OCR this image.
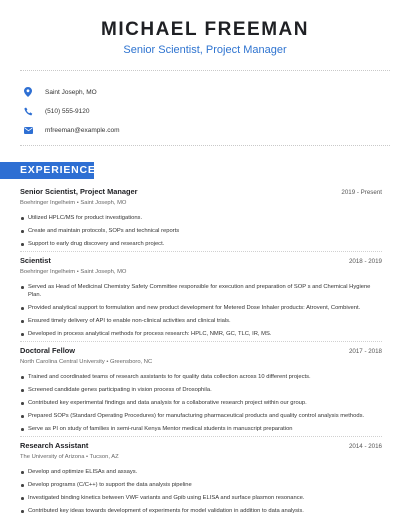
MICHAEL FREEMAN
Senior Scientist, Project Manager
Saint Joseph, MO
(510) 555-9120
mfreeman@example.com
EXPERIENCE
Senior Scientist, Project Manager	2019 - Present
Boehringer Ingelheim • Saint Joseph, MO
Utilized HPLC/MS for product investigations.
Create and maintain protocols, SOPs and technical reports
Support to early drug discovery and research project.
Scientist	2018 - 2019
Boehringer Ingelheim • Saint Joseph, MO
Served as Head of Medicinal Chemistry Safety Committee responsible for execution and preparation of SOP s and Chemical Hygiene Plan.
Provided analytical support to formulation and new product development for Metered Dose Inhaler products: Atrovent, Combivent.
Ensured timely delivery of API to enable non-clinical activities and clinical trials.
Developed in process analytical methods for process research: HPLC, NMR, GC, TLC, IR, MS.
Doctoral Fellow	2017 - 2018
North Carolina Central University • Greensboro, NC
Trained and coordinated teams of research assistants to for quality data collection across 10 different projects.
Screened candidate genes participating in vision process of Drosophila.
Contributed key experimental findings and data analysis for a collaborative research project within our group.
Prepared SOPs (Standard Operating Procedures) for manufacturing pharmaceutical products and quality control analysis methods.
Serve as PI on study of families in semi-rural Kenya Mentor medical students in manuscript preparation
Research Assistant	2014 - 2016
The University of Arizona • Tucson, AZ
Develop and optimize ELISAs and assays.
Develop programs (C/C++) to support the data analysis pipeline
Investigated binding kinetics between VWF variants and Gpib using ELISA and surface plasmon resonance.
Contributed key ideas towards development of experiments for model validation in addition to data analysis.
